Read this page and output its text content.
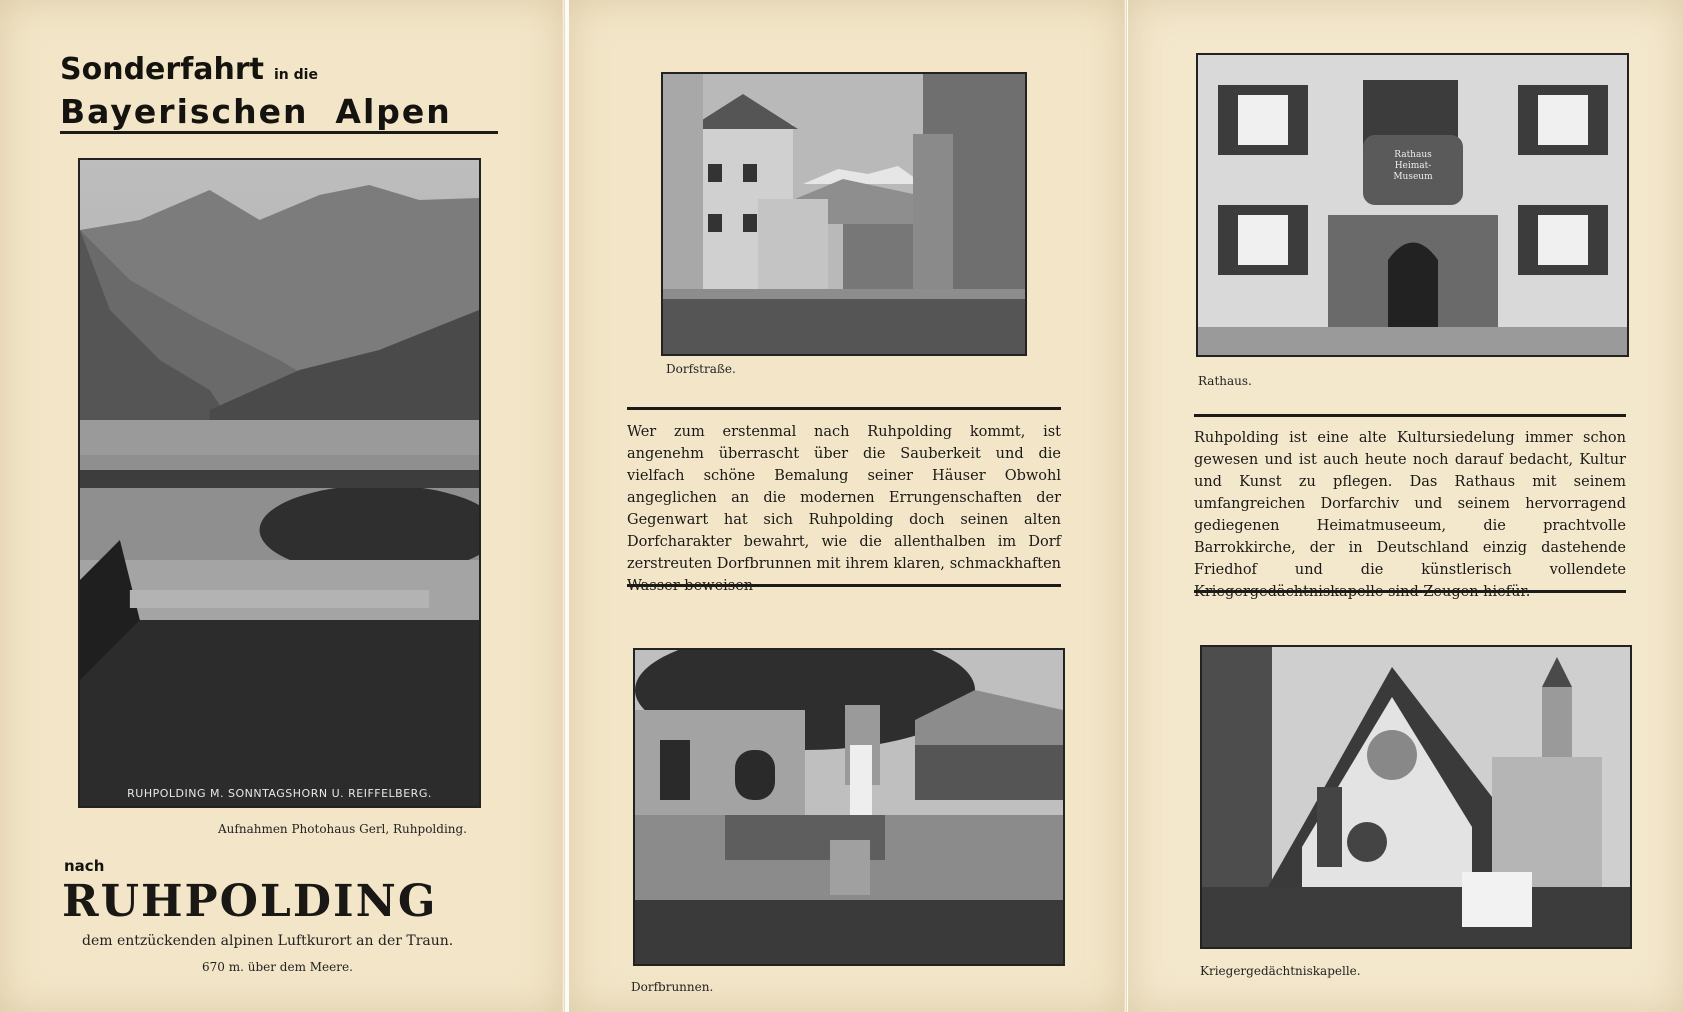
Sonderfahrt in die
Bayerischen  Alpen
RUHPOLDING M. SONNTAGSHORN U. REIFFELBERG.
Aufnahmen Photohaus Gerl, Ruhpolding.
nach
RUHPOLDING
dem entzückenden alpinen Luftkurort an der Traun.
670 m. über dem Meere.
Dorfstraße.
Wer zum erstenmal nach Ruhpolding kommt, ist angenehm überrascht über die Sauberkeit und die vielfach schöne Bemalung seiner Häuser Obwohl angeglichen an die modernen Errungenschaften der Gegenwart hat sich Ruhpolding doch seinen alten Dorfcharakter bewahrt, wie die allenthalben im Dorf zerstreuten Dorfbrunnen mit ihrem klaren, schmackhaften
Dorfbrunnen.
Rathaus Heimat-Museum
Rathaus.
Ruhpolding ist eine alte Kultursiedelung immer schon gewesen und ist auch heute noch darauf bedacht, Kultur und Kunst zu pflegen. Das Rathaus mit seinem umfangreichen Dorfarchiv und seinem hervorragend gediegenen Heimatmuseeum, die prachtvolle Barrokkirche, der in Deutschland einzig dastehende Friedhof und die künstlerisch vollendete
Kriegergedächtniskapelle.
